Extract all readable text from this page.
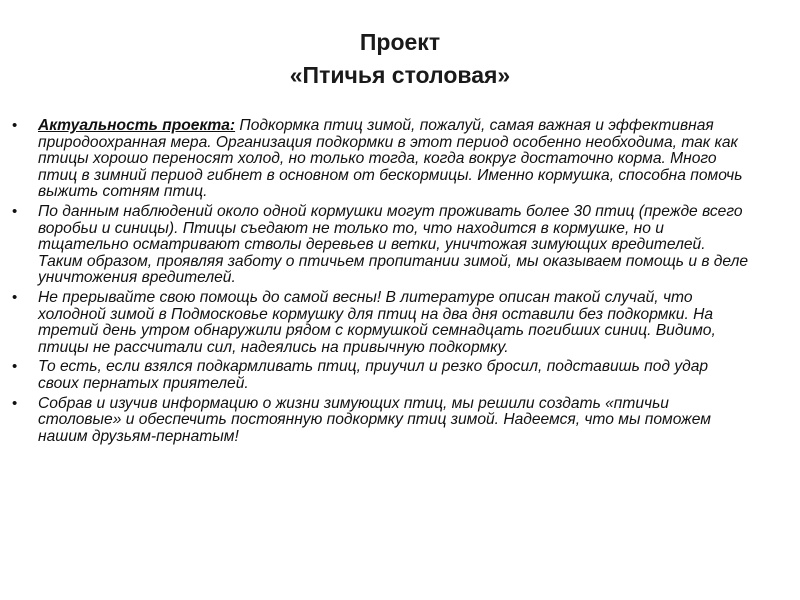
Проект
«Птичья столовая»
• Актуальность проекта: Подкормка птиц зимой, пожалуй, самая важная и эффективная природоохранная мера. Организация подкормки в этот период особенно необходима, так как птицы хорошо переносят холод, но только тогда, когда вокруг достаточно корма. Много птиц в зимний период гибнет в основном от бескормицы. Именно кормушка, способна помочь выжить сотням птиц.
• По данным наблюдений около одной кормушки могут проживать более 30 птиц (прежде всего воробьи и синицы). Птицы съедают не только то, что находится в кормушке, но и тщательно осматривают стволы деревьев и ветки, уничтожая зимующих вредителей. Таким образом, проявляя заботу о птичьем пропитании зимой, мы оказываем помощь и в деле уничтожения вредителей.
• Не прерывайте свою помощь до самой весны! В литературе описан такой случай, что холодной зимой в Подмосковье кормушку для птиц на два дня оставили без подкормки. На третий день утром обнаружили рядом с кормушкой семнадцать погибших синиц. Видимо, птицы не рассчитали сил, надеялись на привычную подкормку.
• То есть, если взялся подкармливать птиц, приучил и резко бросил, подставишь под удар своих пернатых приятелей.
• Собрав и изучив информацию о жизни зимующих птиц, мы решили создать «птичьи столовые» и обеспечить постоянную подкормку птиц зимой. Надеемся, что мы поможем нашим друзьям-пернатым!
